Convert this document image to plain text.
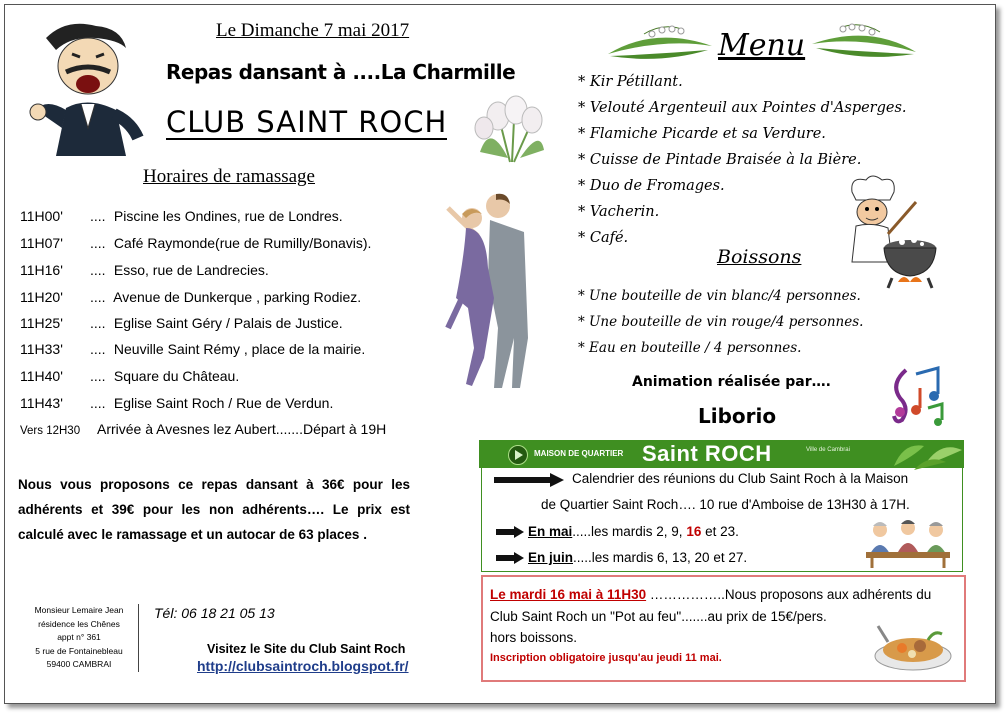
Le Dimanche 7 mai 2017
Repas dansant à ....La Charmille
CLUB SAINT ROCH
Horaires de ramassage
11H00' .... Piscine les Ondines, rue de Londres.
11H07' .... Café Raymonde(rue de Rumilly/Bonavis).
11H16' .... Esso, rue de Landrecies.
11H20' .... Avenue de Dunkerque , parking Rodiez.
11H25' .... Eglise Saint Géry / Palais de Justice.
11H33' .... Neuville Saint Rémy , place de la mairie.
11H40' .... Square du Château.
11H43' .... Eglise Saint Roch / Rue de Verdun.
Vers 12H30 Arrivée à Avesnes lez Aubert.......Départ à 19H
Nous vous proposons ce repas dansant à 36€ pour les adhérents et 39€ pour les non adhérents…. Le prix est calculé avec le ramassage et un autocar de 63 places .
Monsieur Lemaire Jean
résidence les Chênes
appt n° 361
5 rue de Fontainebleau
59400 CAMBRAI
Tél: 06 18 21 05 13
Visitez le Site du Club Saint Roch
http://clubsaintroch.blogspot.fr/
Menu
* Kir Pétillant.
* Velouté Argenteuil aux Pointes d'Asperges.
* Flamiche Picarde et sa Verdure.
* Cuisse de Pintade Braisée à la Bière.
* Duo de Fromages.
* Vacherin.
* Café.
Boissons
* Une bouteille de vin blanc/4 personnes.
* Une bouteille de vin rouge/4 personnes.
* Eau en bouteille / 4 personnes.
Animation réalisée par….
Liborio
MAISON DE QUARTIER Saint ROCH	Ville de Cambrai
Calendrier des réunions du Club Saint Roch à la Maison
de Quartier Saint Roch…. 10 rue d'Amboise de 13H30 à 17H.
En mai.....les mardis 2, 9, 16 et 23.
En juin.....les mardis 6, 13, 20 et 27.
Le mardi 16 mai à 11H30 ……………..Nous proposons aux adhérents du
Club Saint Roch un "Pot au feu".......au prix de 15€/pers.
hors boissons.
Inscription obligatoire jusqu'au jeudi 11 mai.
